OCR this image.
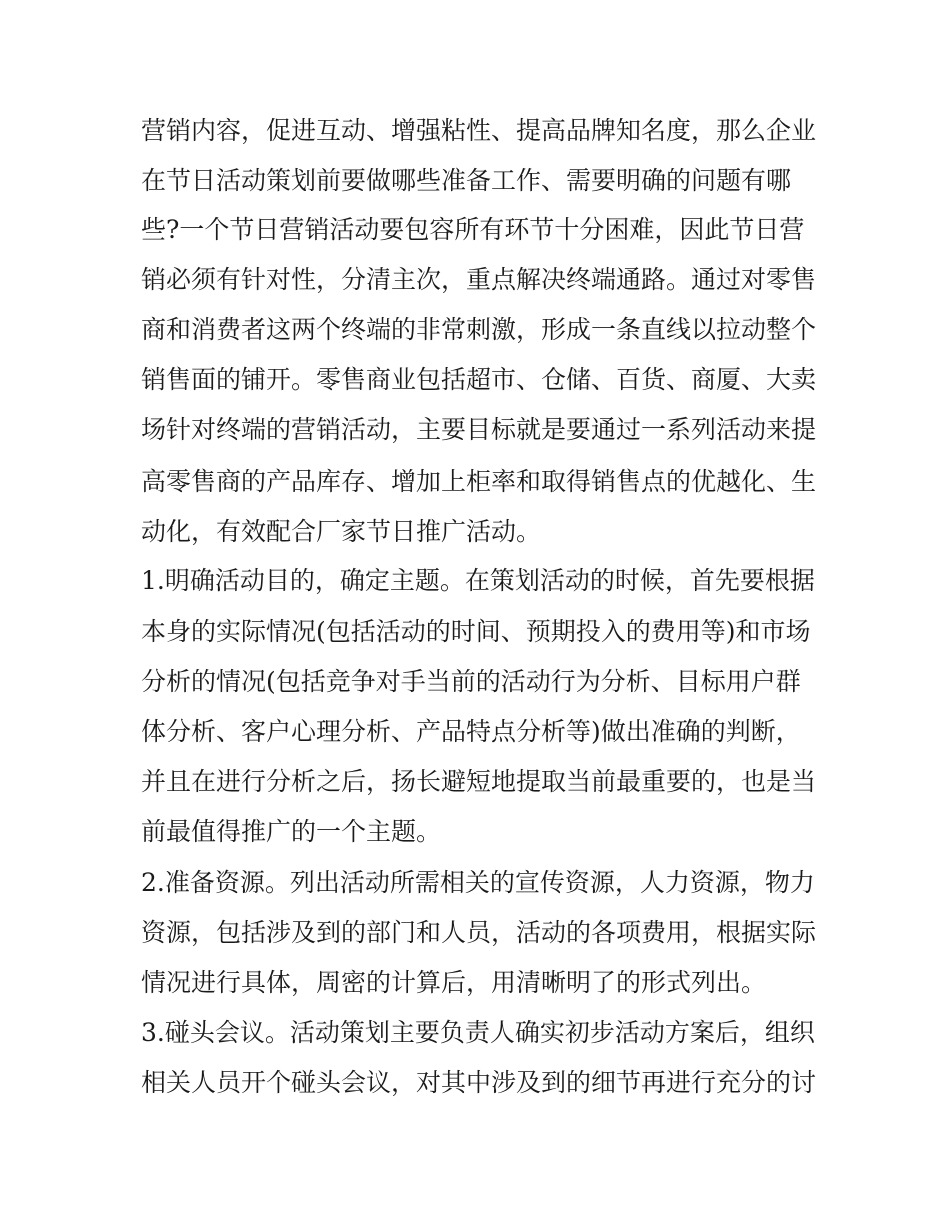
营销内容，促进互动、增强粘性、提高品牌知名度，那么企业
在节日活动策划前要做哪些准备工作、需要明确的问题有哪
些?一个节日营销活动要包容所有环节十分困难，因此节日营
销必须有针对性，分清主次，重点解决终端通路。通过对零售
商和消费者这两个终端的非常刺激，形成一条直线以拉动整个
销售面的铺开。零售商业包括超市、仓储、百货、商厦、大卖
场针对终端的营销活动，主要目标就是要通过一系列活动来提
高零售商的产品库存、增加上柜率和取得销售点的优越化、生
动化，有效配合厂家节日推广活动。
1.明确活动目的，确定主题。在策划活动的时候，首先要根据
本身的实际情况(包括活动的时间、预期投入的费用等)和市场
分析的情况(包括竞争对手当前的活动行为分析、目标用户群
体分析、客户心理分析、产品特点分析等)做出准确的判断，
并且在进行分析之后，扬长避短地提取当前最重要的，也是当
前最值得推广的一个主题。
2.准备资源。列出活动所需相关的宣传资源，人力资源，物力
资源，包括涉及到的部门和人员，活动的各项费用，根据实际
情况进行具体，周密的计算后，用清晰明了的形式列出。
3.碰头会议。活动策划主要负责人确实初步活动方案后，组织
相关人员开个碰头会议，对其中涉及到的细节再进行充分的讨
